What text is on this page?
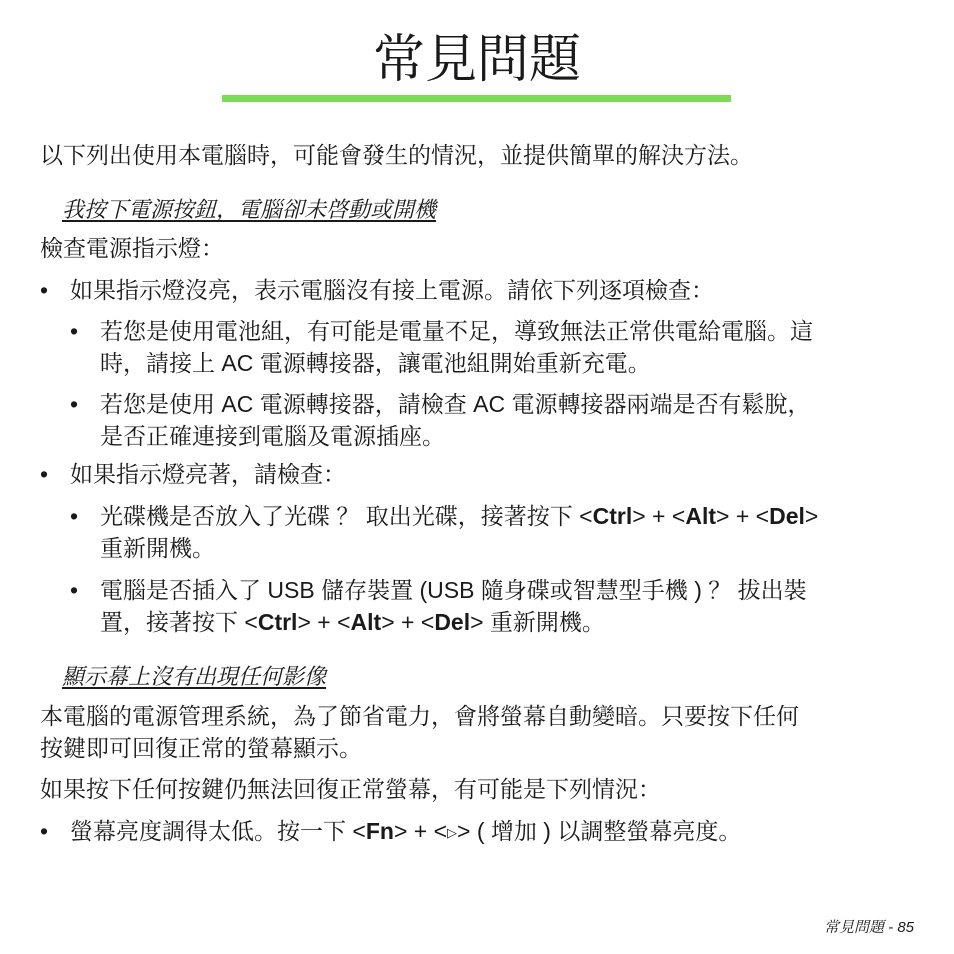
常見問題

以下列出使用本電腦時，可能會發生的情況，並提供簡單的解決方法。

我按下電源按鈕，電腦卻未啓動或開機

檢查電源指示燈：

• 如果指示燈沒亮，表示電腦沒有接上電源。請依下列逐項檢查：
• 若您是使用電池組，有可能是電量不足，導致無法正常供電給電腦。這
時，請接上 AC 電源轉接器，讓電池組開始重新充電。
• 若您是使用 AC 電源轉接器，請檢查 AC 電源轉接器兩端是否有鬆脫，
是否正確連接到電腦及電源插座。
• 如果指示燈亮著，請檢查：
• 光碟機是否放入了光碟 ？ 取出光碟，接著按下 <Ctrl> + <Alt> + <Del>
重新開機。
• 電腦是否插入了 USB 儲存裝置 (USB 隨身碟或智慧型手機 ) ？ 拔出裝
置，接著按下 <Ctrl> + <Alt> + <Del> 重新開機。

顯示幕上沒有出現任何影像

本電腦的電源管理系統，為了節省電力，會將螢幕自動變暗。只要按下任何
按鍵即可回復正常的螢幕顯示。

如果按下任何按鍵仍無法回復正常螢幕，有可能是下列情況：

• 螢幕亮度調得太低。按一下 <Fn> + <▷> ( 增加 ) 以調整螢幕亮度。
常見問題 - 85
